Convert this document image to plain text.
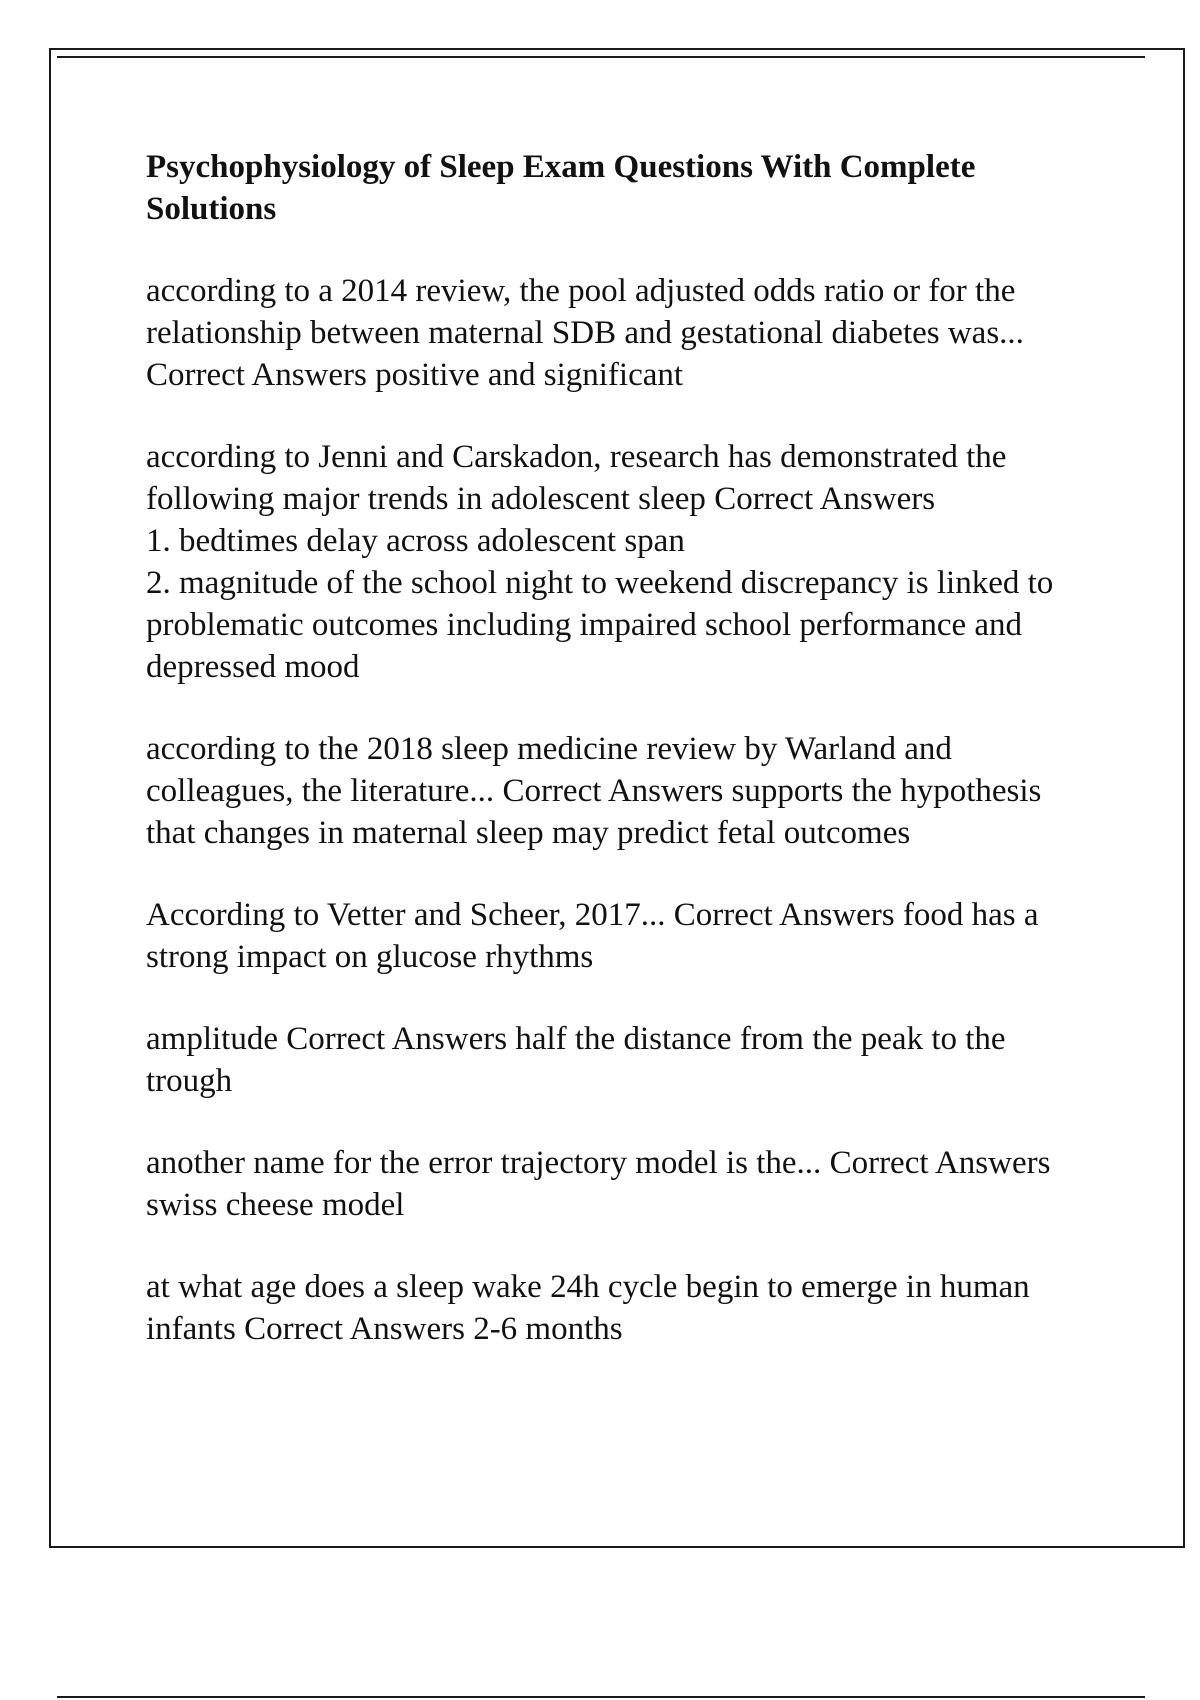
Psychophysiology of Sleep Exam Questions With Complete Solutions

according to a 2014 review, the pool adjusted odds ratio or for the relationship between maternal SDB and gestational diabetes was... Correct Answers positive and significant

according to Jenni and Carskadon, research has demonstrated the following major trends in adolescent sleep Correct Answers
1. bedtimes delay across adolescent span
2. magnitude of the school night to weekend discrepancy is linked to problematic outcomes including impaired school performance and depressed mood

according to the 2018 sleep medicine review by Warland and colleagues, the literature... Correct Answers supports the hypothesis that changes in maternal sleep may predict fetal outcomes

According to Vetter and Scheer, 2017... Correct Answers food has a strong impact on glucose rhythms

amplitude Correct Answers half the distance from the peak to the trough

another name for the error trajectory model is the... Correct Answers swiss cheese model

at what age does a sleep wake 24h cycle begin to emerge in human infants Correct Answers 2-6 months
